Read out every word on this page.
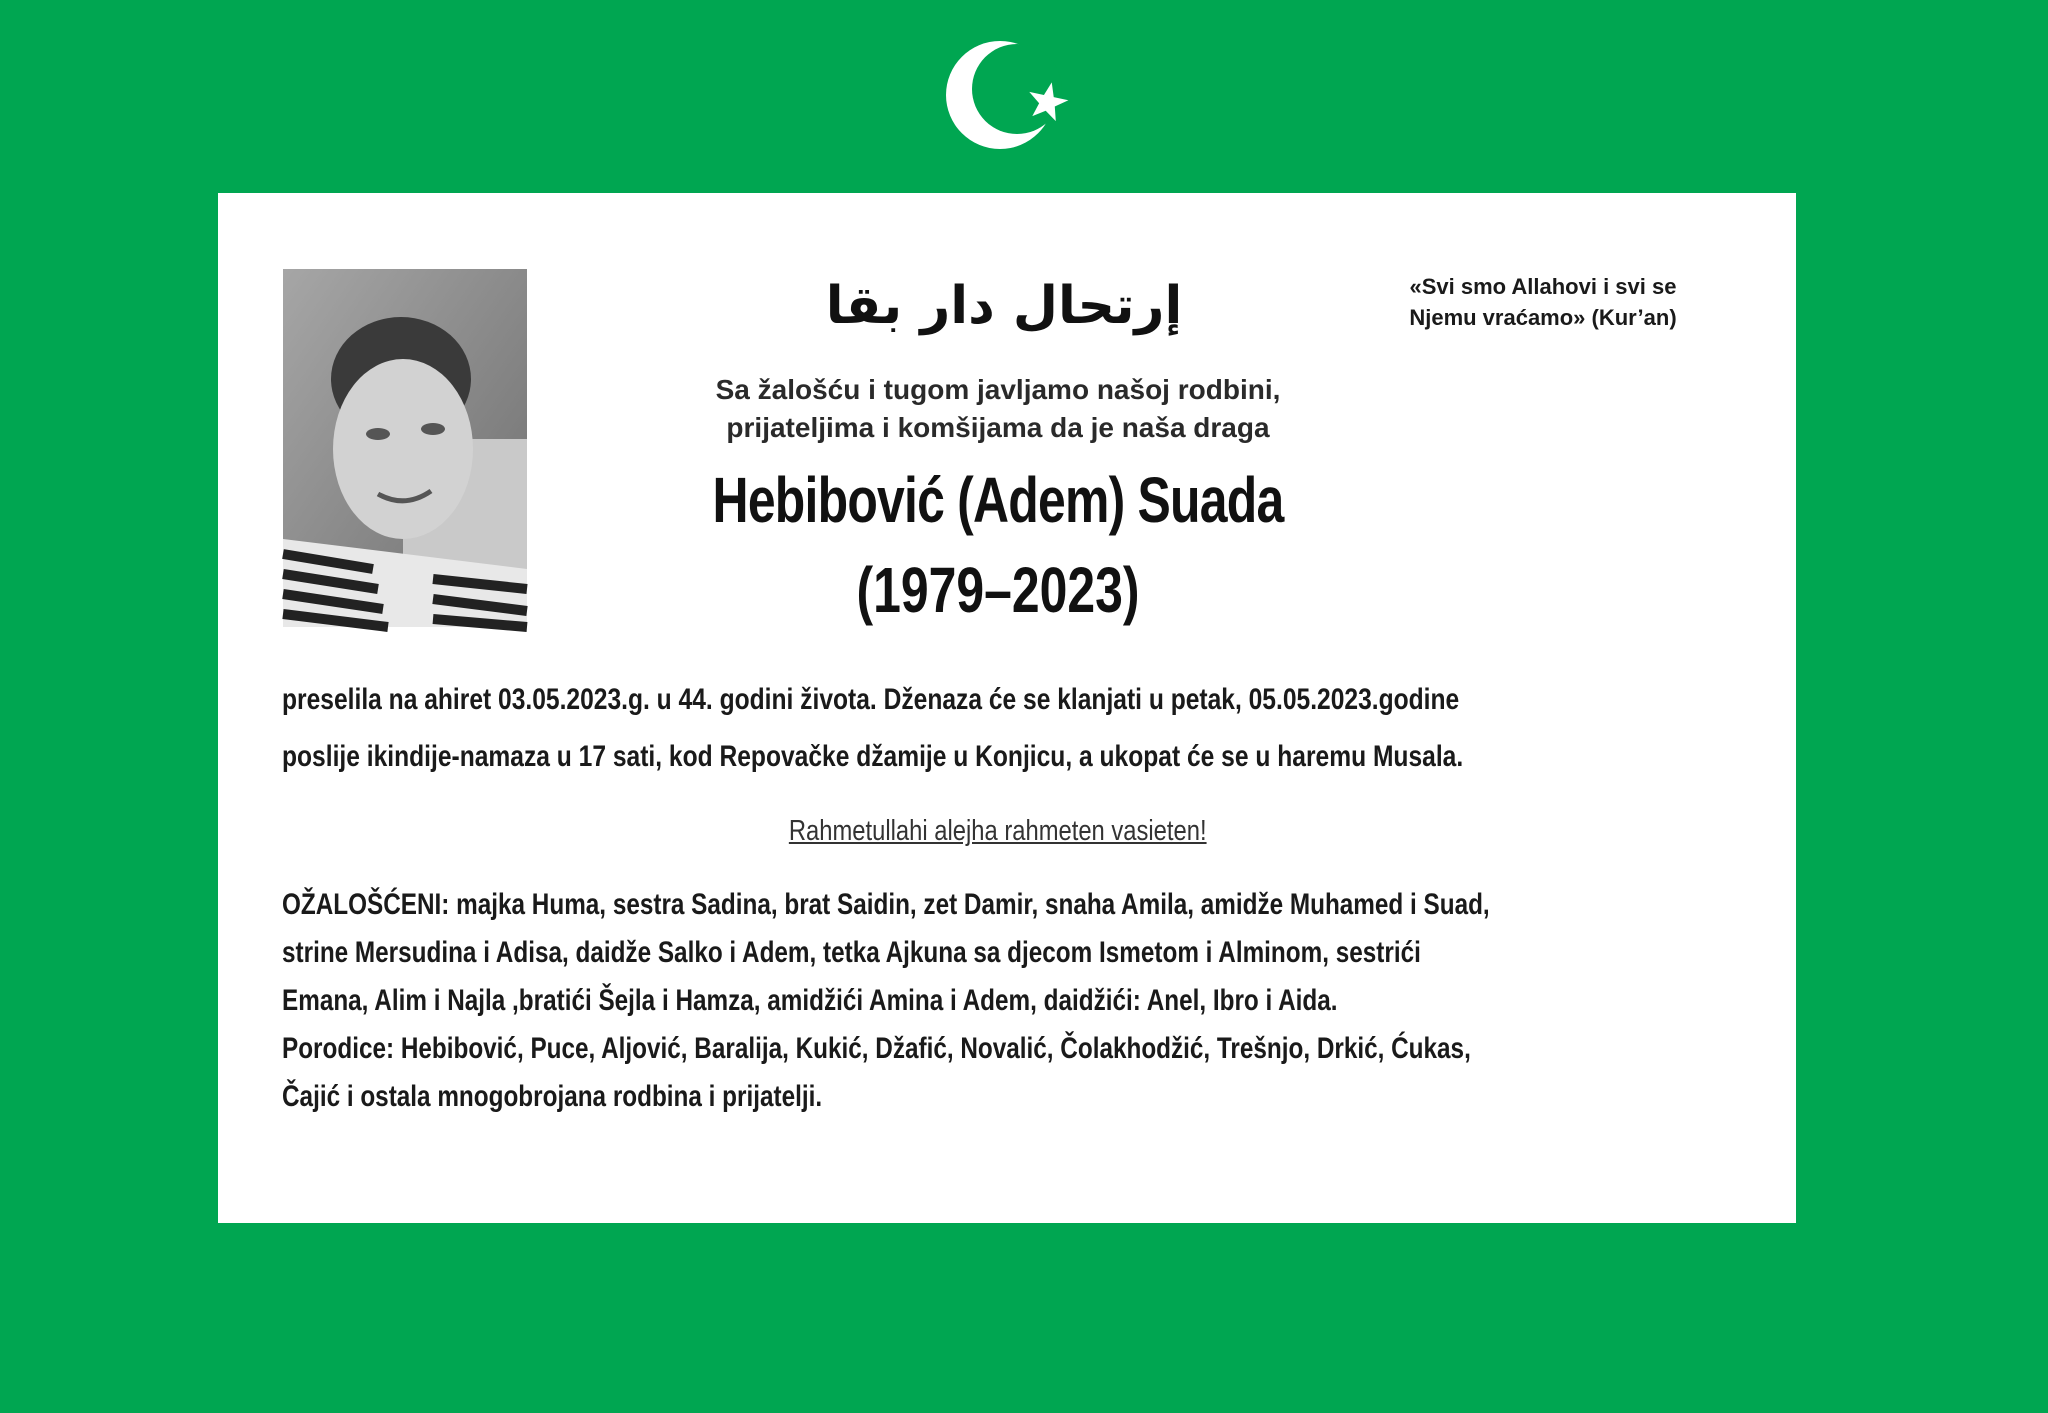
إرتحال دار بقا	«Svi smo Allahovi i svi se
Njemu vraćamo» (Kur’an)
Sa žalošću i tugom javljamo našoj rodbini,
prijateljima i komšijama da je naša draga
Hebibović (Adem) Suada
(1979–2023)
preselila na ahiret 03.05.2023.g. u 44. godini života. Dženaza će se klanjati u petak, 05.05.2023.godine
poslije ikindije-namaza u 17 sati, kod Repovačke džamije u Konjicu, a ukopat će se u haremu Musala.
Rahmetullahi alejha rahmeten vasieten!
OŽALOŠĆENI: majka Huma, sestra Sadina, brat Saidin, zet Damir, snaha Amila, amidže Muhamed i Suad,
strine Mersudina i Adisa, daidže Salko i Adem, tetka Ajkuna sa djecom Ismetom i Alminom, sestrići
Emana, Alim i Najla ,bratići Šejla i Hamza, amidžići Amina i Adem, daidžići: Anel, Ibro i Aida.
Porodice: Hebibović, Puce, Aljović, Baralija, Kukić, Džafić, Novalić, Čolakhodžić, Trešnjo, Drkić, Ćukas,
Čajić i ostala mnogobrojana rodbina i prijatelji.
